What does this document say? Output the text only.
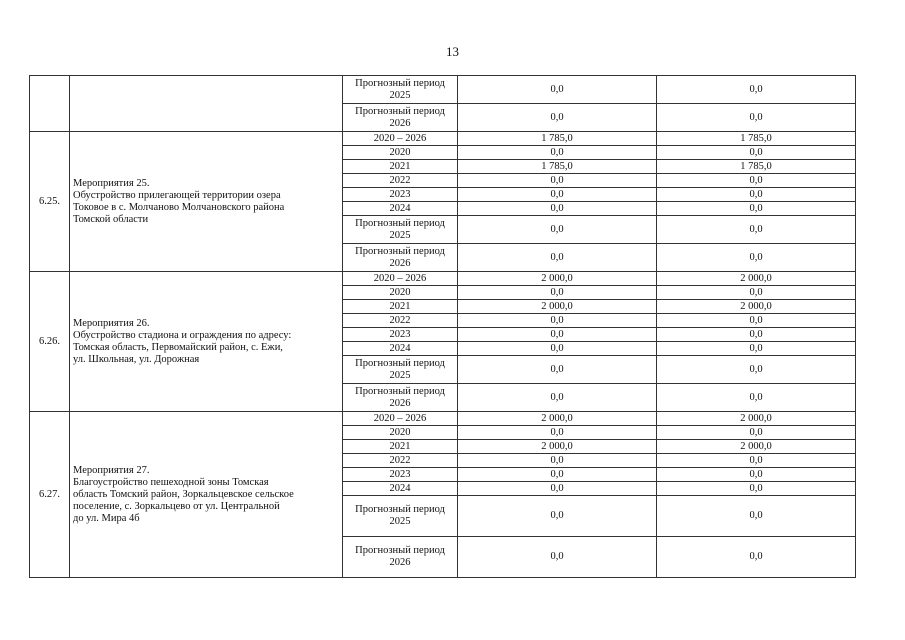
13

		Прогнозный период
2025	0,0	0,0

		Прогнозный период
2026	0,0	0,0
6.25.	Мероприятия 25.
Обустройство прилегающей территории озера
Токовое в с. Молчаново Молчановского района
Томской области	2020 – 2026	1 785,0	1 785,0

		2020	0,0	0,0

		2021	1 785,0	1 785,0

		2022	0,0	0,0

		2023	0,0	0,0

		2024	0,0	0,0

		Прогнозный период
2025	0,0	0,0

		Прогнозный период
2026	0,0	0,0
6.26.	Мероприятия 26.
Обустройство стадиона и ограждения по адресу:
Томская область, Первомайский район, с. Ежи,
ул. Школьная, ул. Дорожная	2020 – 2026	2 000,0	2 000,0

		2020	0,0	0,0

		2021	2 000,0	2 000,0

		2022	0,0	0,0

		2023	0,0	0,0

		2024	0,0	0,0

		Прогнозный период
2025	0,0	0,0

		Прогнозный период
2026	0,0	0,0
6.27.	Мероприятия 27.
Благоустройство пешеходной зоны Томская
область Томский район, Зоркальцевское сельское
поселение, с. Зоркальцево от ул. Центральной
до ул. Мира 4б	2020 – 2026	2 000,0	2 000,0

		2020	0,0	0,0

		2021	2 000,0	2 000,0

		2022	0,0	0,0

		2023	0,0	0,0

		2024	0,0	0,0

		Прогнозный период
2025	0,0	0,0

		Прогнозный период
2026	0,0	0,0
